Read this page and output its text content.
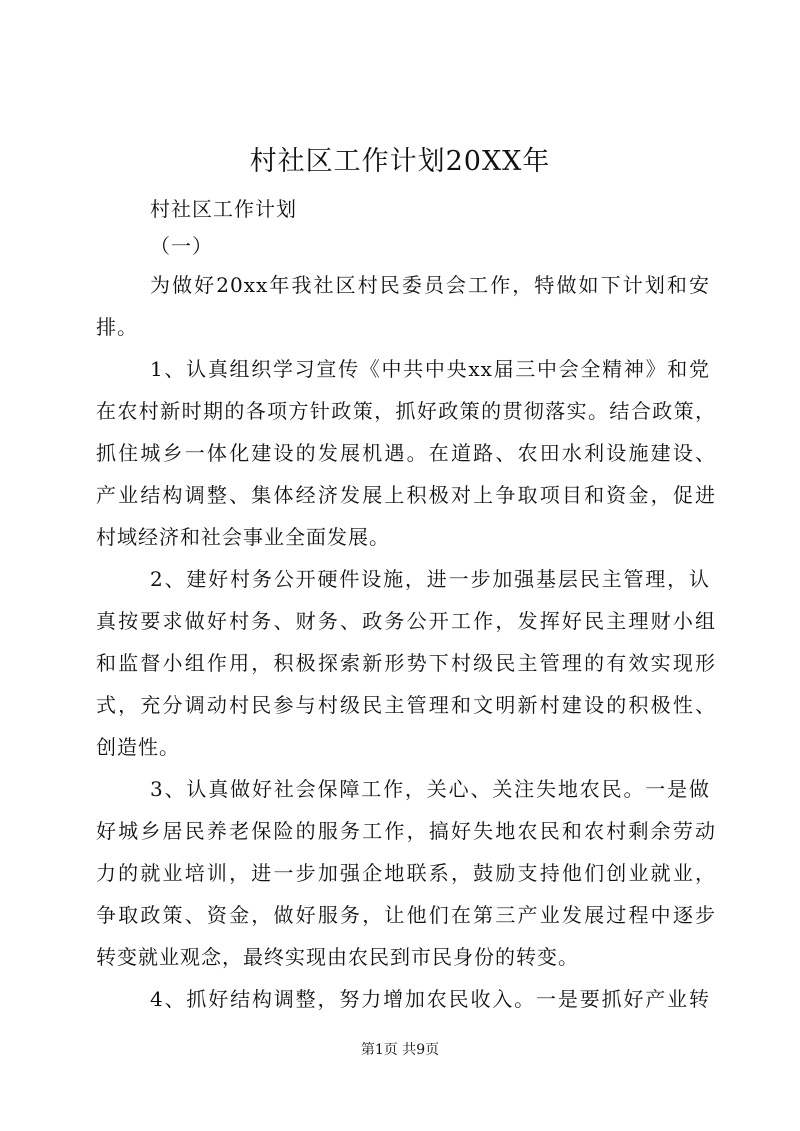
村社区工作计划20XX年
村社区工作计划
（一）
为做好20xx年我社区村民委员会工作，特做如下计划和安
排。
1、认真组织学习宣传《中共中央xx届三中会全精神》和党
在农村新时期的各项方针政策，抓好政策的贯彻落实。结合政策，
抓住城乡一体化建设的发展机遇。在道路、农田水利设施建设、
产业结构调整、集体经济发展上积极对上争取项目和资金，促进
村域经济和社会事业全面发展。
2、建好村务公开硬件设施，进一步加强基层民主管理，认
真按要求做好村务、财务、政务公开工作，发挥好民主理财小组
和监督小组作用，积极探索新形势下村级民主管理的有效实现形
式，充分调动村民参与村级民主管理和文明新村建设的积极性、
创造性。
3、认真做好社会保障工作，关心、关注失地农民。一是做
好城乡居民养老保险的服务工作，搞好失地农民和农村剩余劳动
力的就业培训，进一步加强企地联系，鼓励支持他们创业就业，
争取政策、资金，做好服务，让他们在第三产业发展过程中逐步
转变就业观念，最终实现由农民到市民身份的转变。
4、抓好结构调整，努力增加农民收入。一是要抓好产业转
第1页 共9页
